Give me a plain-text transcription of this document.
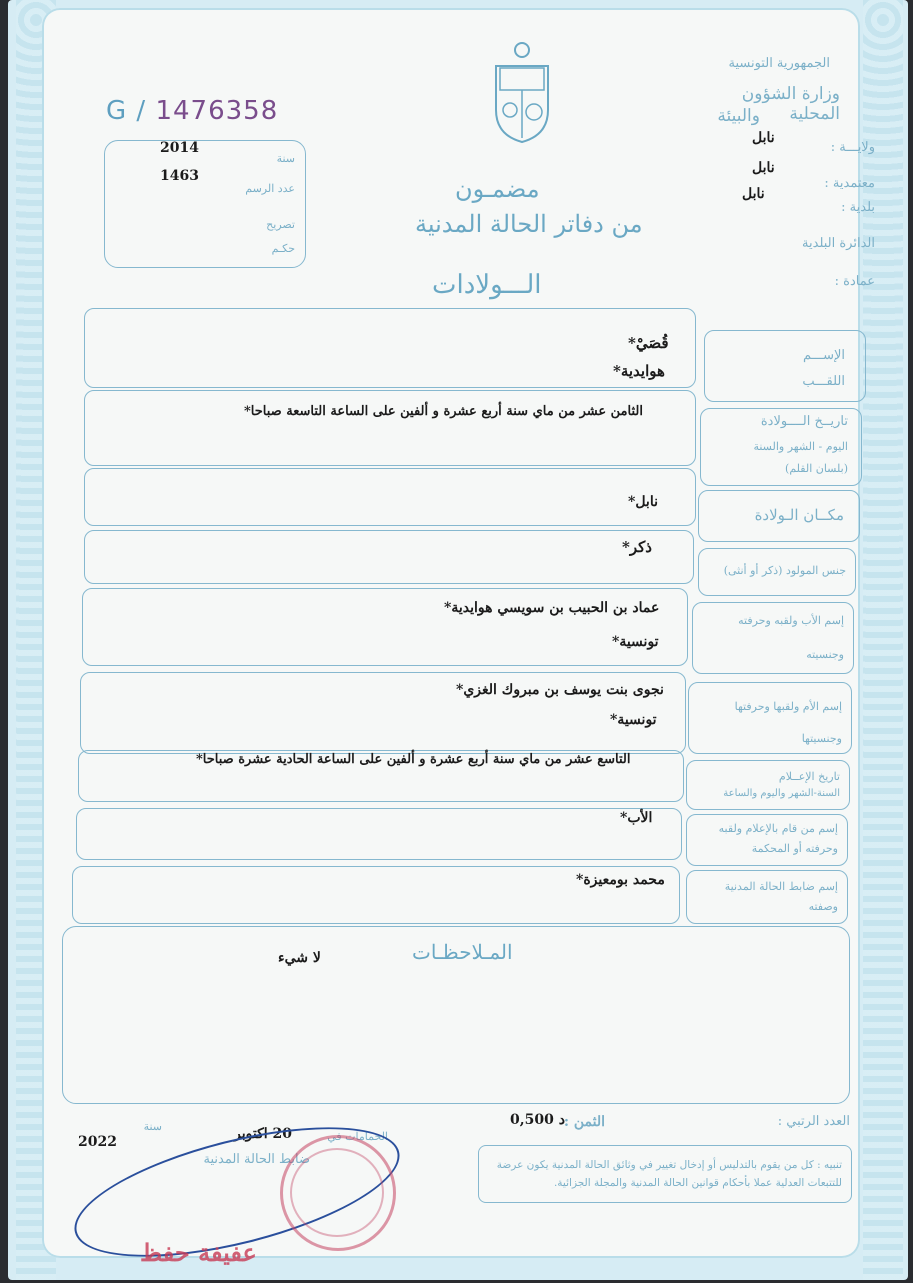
G / 1476358
الجمهورية التونسية
وزارة الشؤون المحلية
والبيئة
ولايـــة :
نابل
معتمدية :
نابل
بلدية :
نابل
الدائرة البلدية
عمادة :
سنة
2014
عدد الرسم
1463
تصريح
حكـم
مضمـون
من دفاتر الحالة المدنية
الـــولادات
الإســـم
اللقـــب
قُصَيْ*
هوايدية*
تاريــخ الــــولادة
اليوم - الشهر والسنة
(بلسان القلم)
الثامن عشر من ماي سنة أربع عشرة و ألفين على الساعة التاسعة صباحا*
مكــان الـولادة
نابل*
جنس المولود (ذكر أو أنثى)
ذكر*
إسم الأب ولقبه وحرفته
وجنسيته
عماد بن الحبيب بن سويسي هوايدية*
تونسية*
إسم الأم ولقبها وحرفتها
وجنسيتها
نجوى بنت يوسف بن مبروك الغزي*
تونسية*
تاريخ الإعــلام
السنة-الشهر واليوم والساعة
التاسع عشر من ماي سنة أربع عشرة و ألفين على الساعة الحادية عشرة صباحا*
إسم من قام بالإعلام ولقبه
وحرفته أو المحكمة
الأب*
إسم ضابط الحالة المدنية
وصفته
محمد بومعيزة*
المـلاحظـات
لا شيء
العدد الرتبي :
الثمن :
0,500 د
الحمامات في
20 اكتوبر
سنة
2022
ضابط الحالة المدنية	تنبيه : كل من يقوم بالتدليس أو إدخال تغيير في وثائق الحالة المدنية يكون عرضة للتتبعات العدلية عملا بأحكام قوانين الحالة المدنية والمجلة الجزائية.
عفيفة حفظ
